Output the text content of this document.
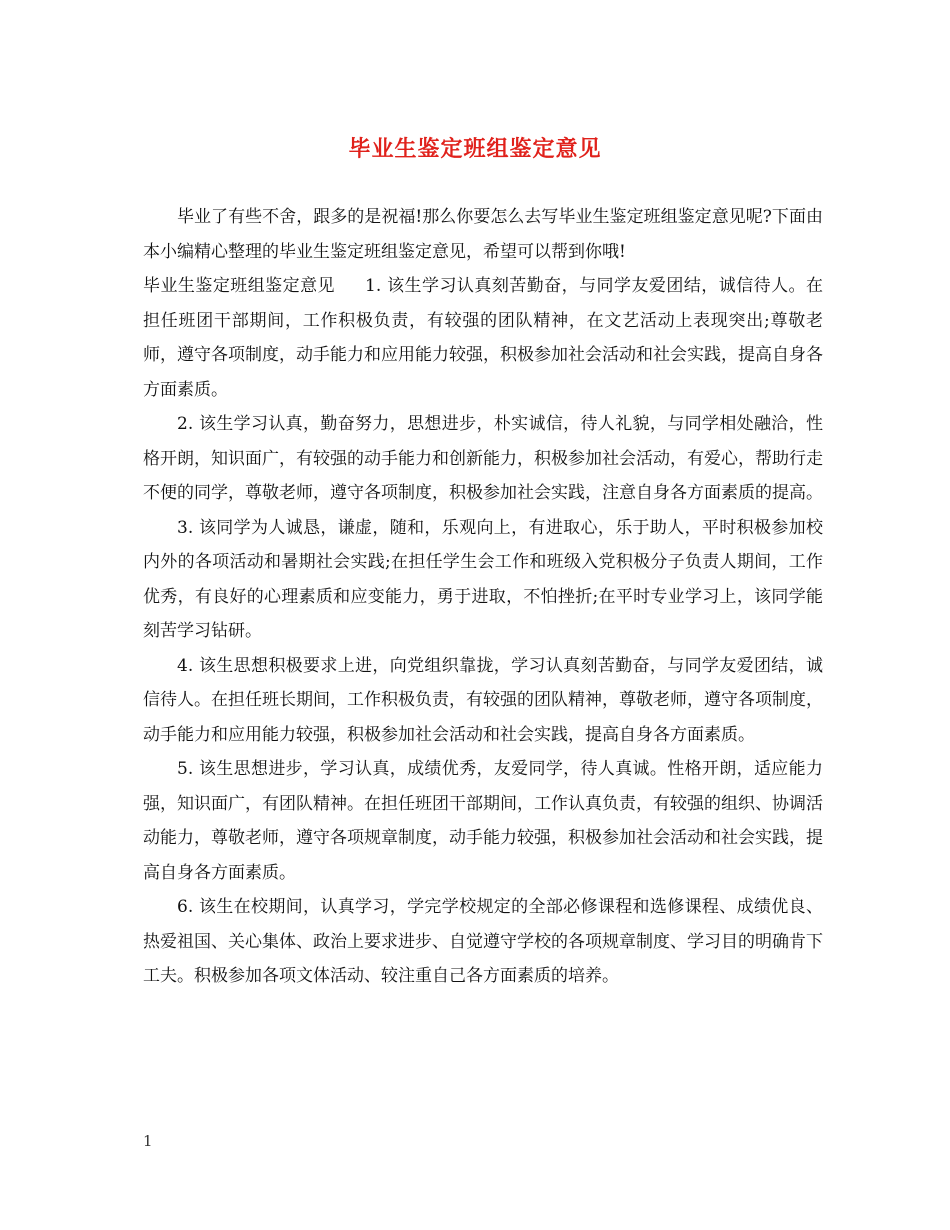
毕业生鉴定班组鉴定意见

毕业了有些不舍，跟多的是祝福!那么你要怎么去写毕业生鉴定班组鉴定意见呢?下面由本小编精心整理的毕业生鉴定班组鉴定意见，希望可以帮到你哦!

毕业生鉴定班组鉴定意见 1. 该生学习认真刻苦勤奋，与同学友爱团结，诚信待人。在担任班团干部期间，工作积极负责，有较强的团队精神，在文艺活动上表现突出;尊敬老师，遵守各项制度，动手能力和应用能力较强，积极参加社会活动和社会实践，提高自身各方面素质。

2. 该生学习认真，勤奋努力，思想进步，朴实诚信，待人礼貌，与同学相处融洽，性格开朗，知识面广，有较强的动手能力和创新能力，积极参加社会活动，有爱心，帮助行走不便的同学，尊敬老师，遵守各项制度，积极参加社会实践，注意自身各方面素质的提高。

3. 该同学为人诚恳，谦虚，随和，乐观向上，有进取心，乐于助人，平时积极参加校内外的各项活动和暑期社会实践;在担任学生会工作和班级入党积极分子负责人期间，工作优秀，有良好的心理素质和应变能力，勇于进取，不怕挫折;在平时专业学习上，该同学能刻苦学习钻研。

4. 该生思想积极要求上进，向党组织靠拢，学习认真刻苦勤奋，与同学友爱团结，诚信待人。在担任班长期间，工作积极负责，有较强的团队精神，尊敬老师，遵守各项制度，动手能力和应用能力较强，积极参加社会活动和社会实践，提高自身各方面素质。

5. 该生思想进步，学习认真，成绩优秀，友爱同学，待人真诚。性格开朗，适应能力强，知识面广，有团队精神。在担任班团干部期间，工作认真负责，有较强的组织、协调活动能力，尊敬老师，遵守各项规章制度，动手能力较强，积极参加社会活动和社会实践，提高自身各方面素质。

6. 该生在校期间，认真学习，学完学校规定的全部必修课程和选修课程、成绩优良、热爱祖国、关心集体、政治上要求进步、自觉遵守学校的各项规章制度、学习目的明确肯下工夫。积极参加各项文体活动、较注重自己各方面素质的培养。

1
